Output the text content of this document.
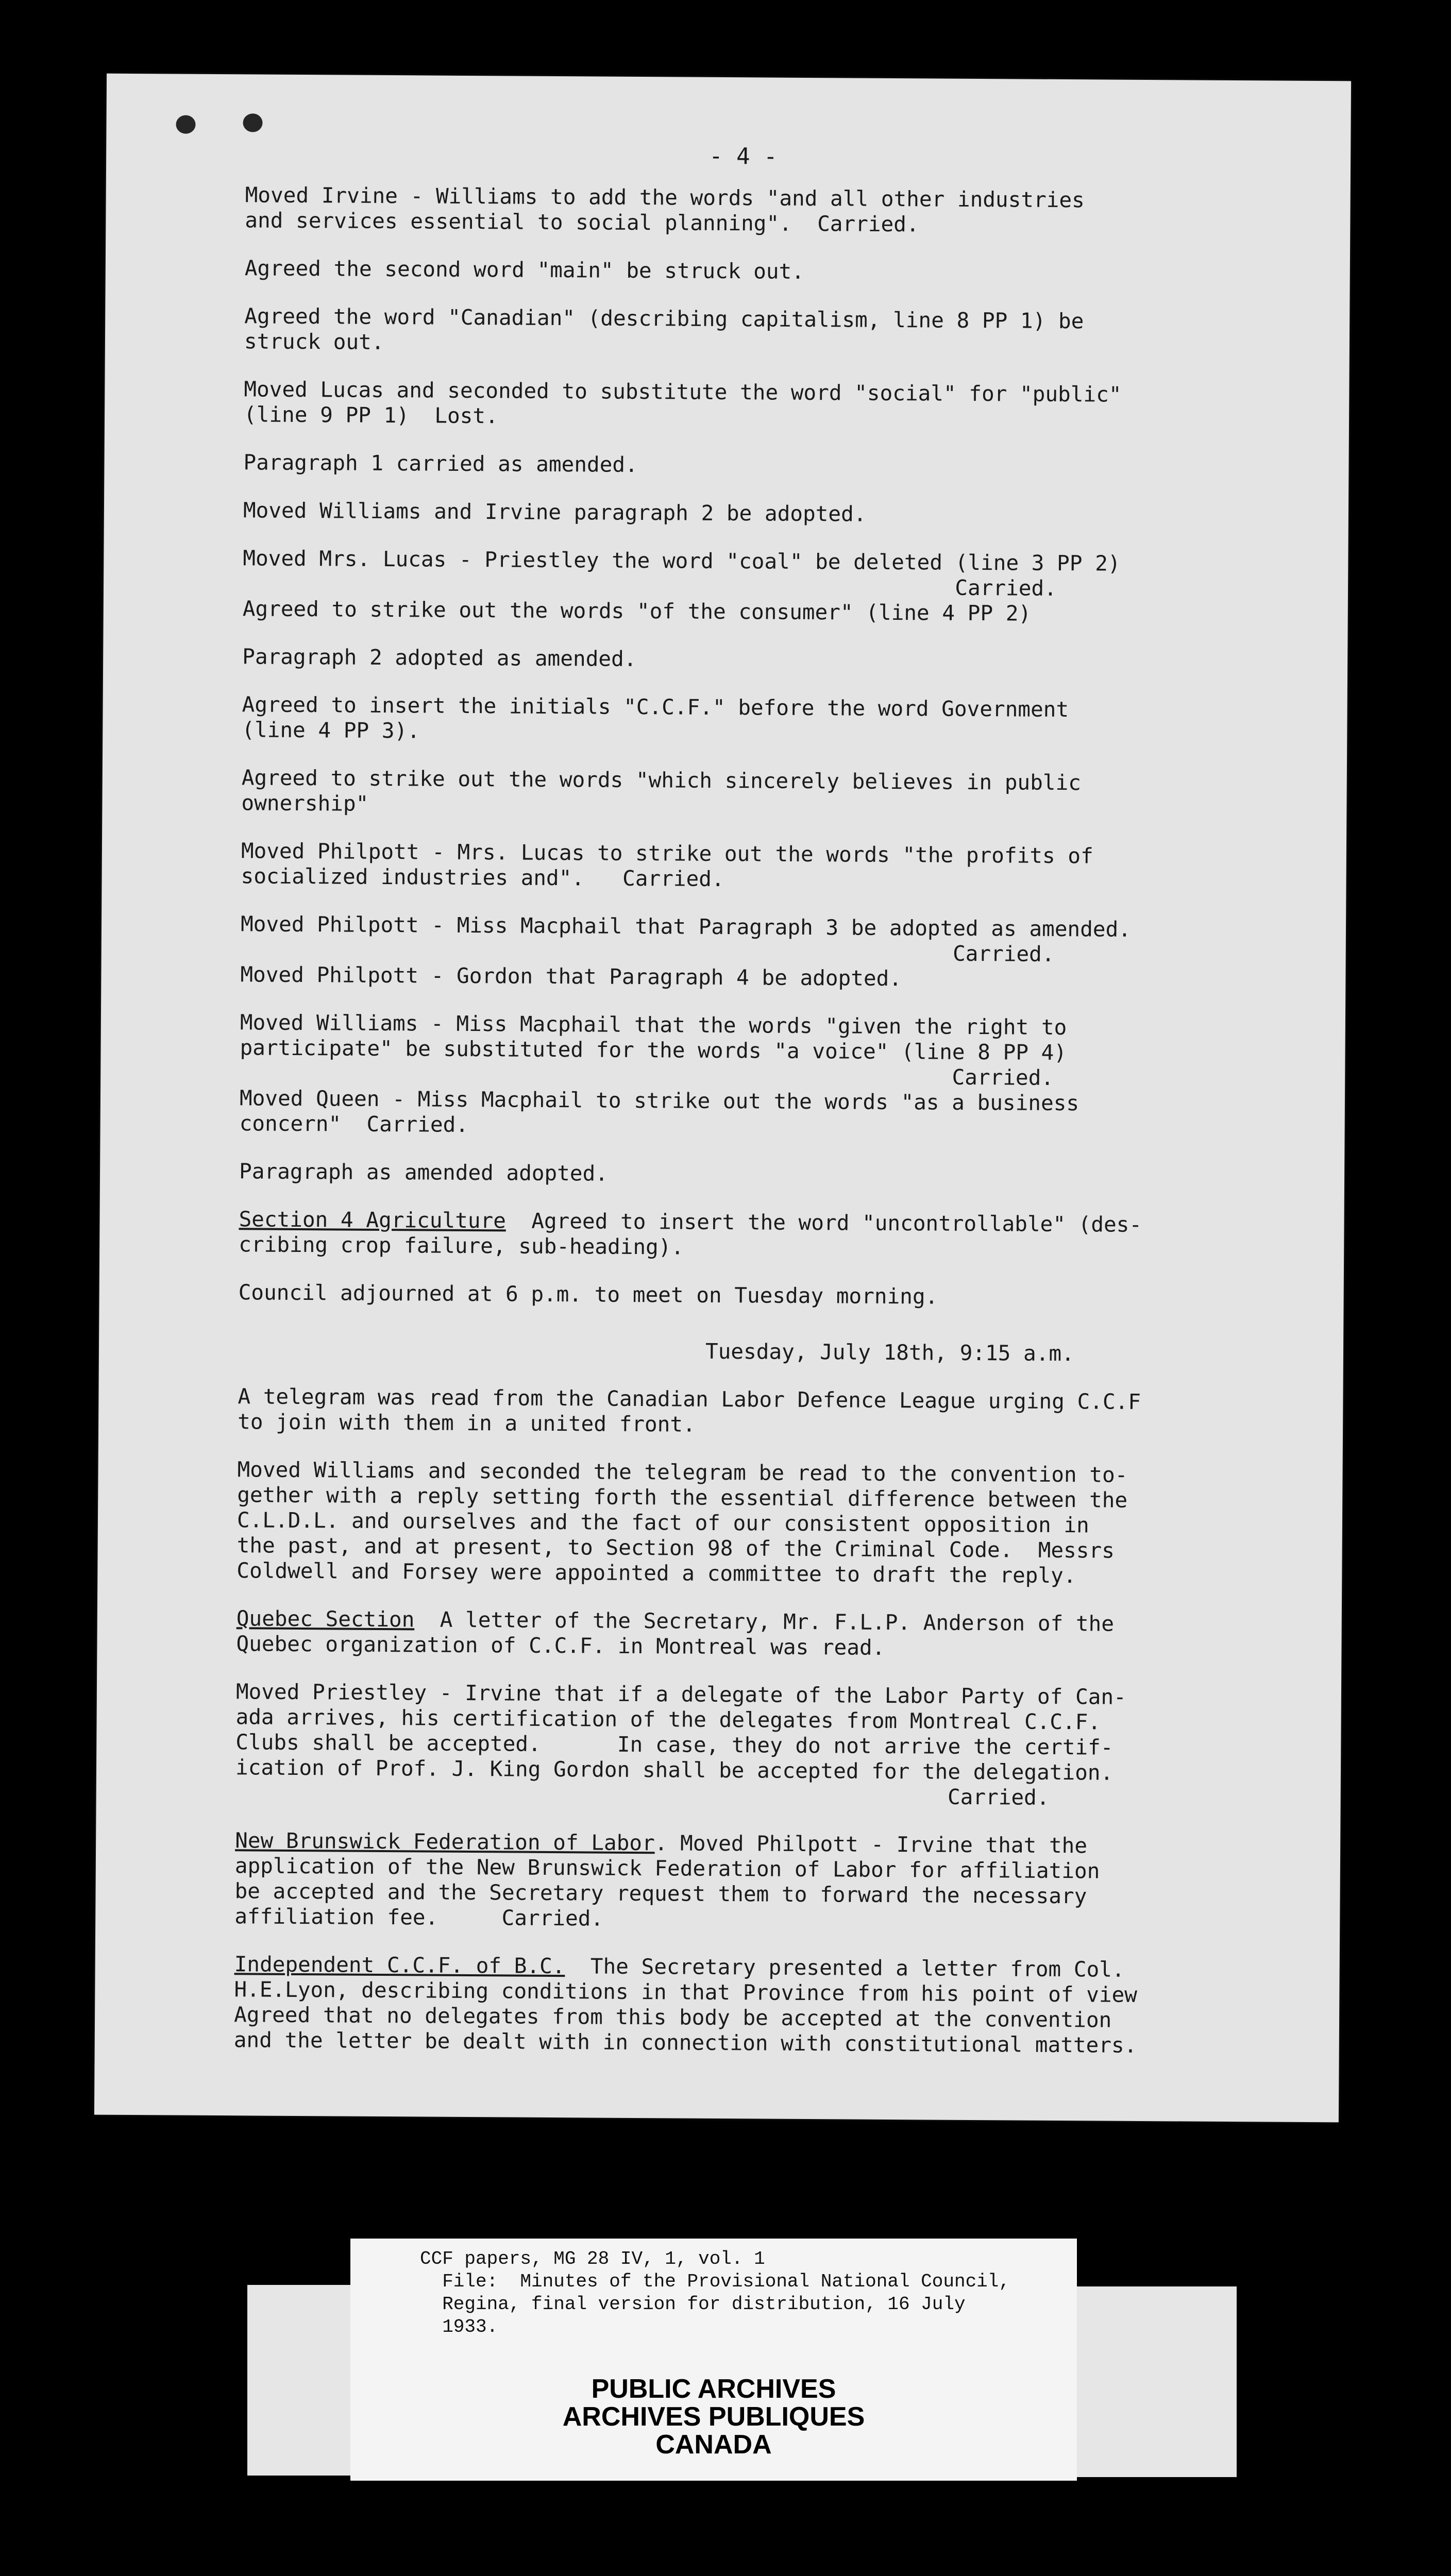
- 4 -
Moved Irvine - Williams to add the words "and all other industries
and services essential to social planning".  Carried.
Agreed the second word "main" be struck out.
Agreed the word "Canadian" (describing capitalism, line 8 PP 1) be
struck out.
Moved Lucas and seconded to substitute the word "social" for "public"
(line 9 PP 1)  Lost.
Paragraph 1 carried as amended.
Moved Williams and Irvine paragraph 2 be adopted.
Moved Mrs. Lucas - Priestley the word "coal" be deleted (line 3 PP 2)
Carried.
Agreed to strike out the words "of the consumer" (line 4 PP 2)
Paragraph 2 adopted as amended.
Agreed to insert the initials "C.C.F." before the word Government
(line 4 PP 3).
Agreed to strike out the words "which sincerely believes in public
ownership"
Moved Philpott - Mrs. Lucas to strike out the words "the profits of
socialized industries and".   Carried.
Moved Philpott - Miss Macphail that Paragraph 3 be adopted as amended.
Carried.
Moved Philpott - Gordon that Paragraph 4 be adopted.
Moved Williams - Miss Macphail that the words "given the right to
participate" be substituted for the words "a voice" (line 8 PP 4)
Carried.
Moved Queen - Miss Macphail to strike out the words "as a business
concern"  Carried.
Paragraph as amended adopted.
Section 4 Agriculture  Agreed to insert the word "uncontrollable" (des-
cribing crop failure, sub-heading).
Council adjourned at 6 p.m. to meet on Tuesday morning.
Tuesday, July 18th, 9:15 a.m.
A telegram was read from the Canadian Labor Defence League urging C.C.F
to join with them in a united front.
Moved Williams and seconded the telegram be read to the convention to-
gether with a reply setting forth the essential difference between the
C.L.D.L. and ourselves and the fact of our consistent opposition in
the past, and at present, to Section 98 of the Criminal Code.  Messrs
Coldwell and Forsey were appointed a committee to draft the reply.
Quebec Section  A letter of the Secretary, Mr. F.L.P. Anderson of the
Quebec organization of C.C.F. in Montreal was read.
Moved Priestley - Irvine that if a delegate of the Labor Party of Can-
ada arrives, his certification of the delegates from Montreal C.C.F.
Clubs shall be accepted.      In case, they do not arrive the certif-
ication of Prof. J. King Gordon shall be accepted for the delegation.
Carried.
New Brunswick Federation of Labor. Moved Philpott - Irvine that the
application of the New Brunswick Federation of Labor for affiliation
be accepted and the Secretary request them to forward the necessary
affiliation fee.     Carried.
Independent C.C.F. of B.C.  The Secretary presented a letter from Col.
H.E.Lyon, describing conditions in that Province from his point of view
Agreed that no delegates from this body be accepted at the convention
and the letter be dealt with in connection with constitutional matters.
CCF papers, MG 28 IV, 1, vol. 1
File:  Minutes of the Provisional National Council,
Regina, final version for distribution, 16 July
1933.
PUBLIC ARCHIVES
ARCHIVES PUBLIQUES
CANADA
